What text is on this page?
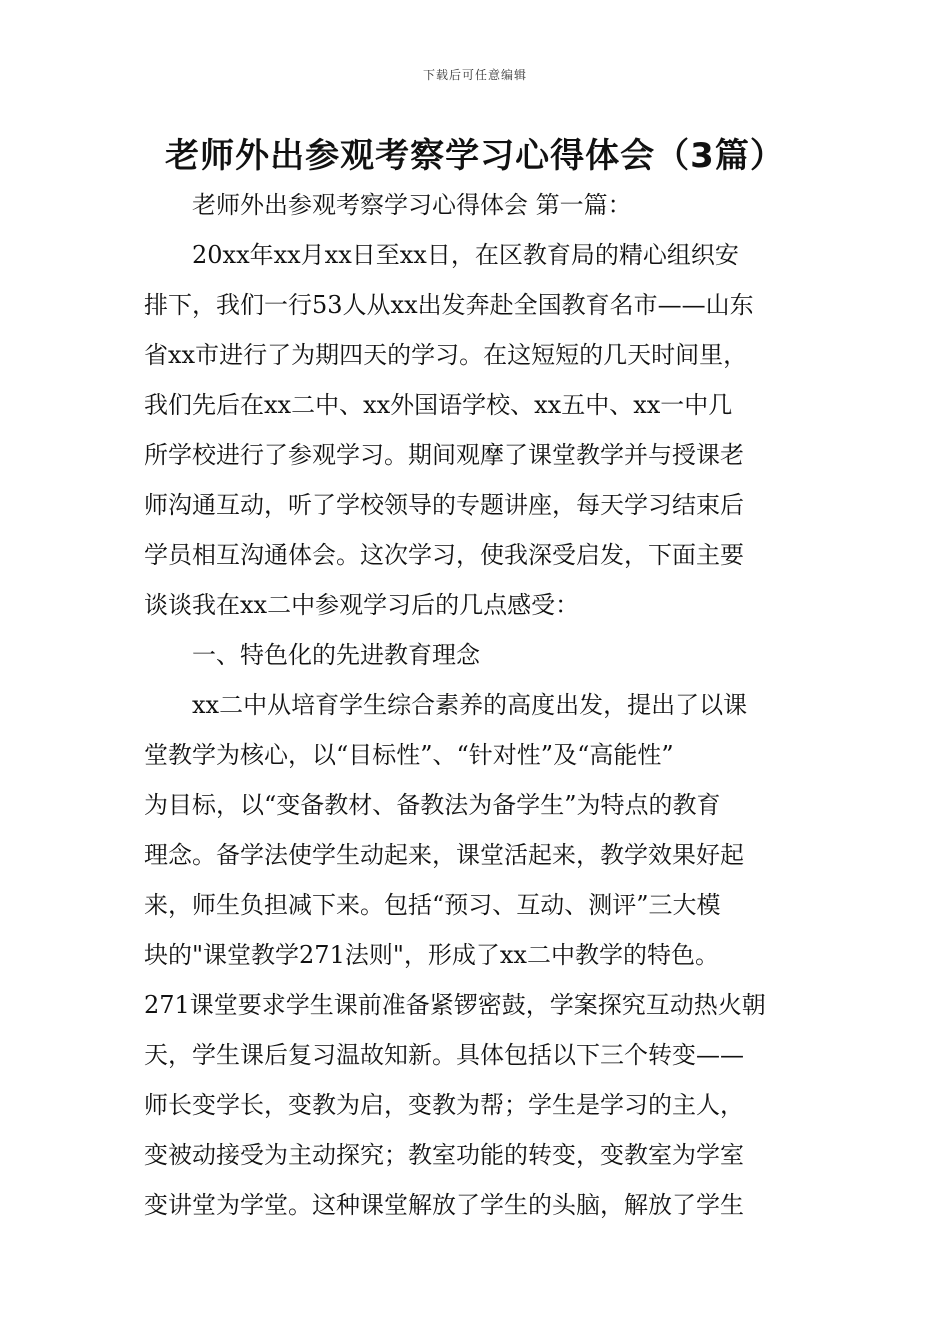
下载后可任意编辑
老师外出参观考察学习心得体会（3篇）

老师外出参观考察学习心得体会 第一篇：

20xx年xx月xx日至xx日，在区教育局的精心组织安

排下，我们一行53人从xx出发奔赴全国教育名市——山东

省xx市进行了为期四天的学习。在这短短的几天时间里，

我们先后在xx二中、xx外国语学校、xx五中、xx一中几

所学校进行了参观学习。期间观摩了课堂教学并与授课老

师沟通互动，听了学校领导的专题讲座，每天学习结束后

学员相互沟通体会。这次学习，使我深受启发，下面主要

谈谈我在xx二中参观学习后的几点感受：

一、特色化的先进教育理念

xx二中从培育学生综合素养的高度出发，提出了以课

堂教学为核心，以“目标性”、“针对性”及“高能性”

为目标，以“变备教材、备教法为备学生”为特点的教育

理念。备学法使学生动起来，课堂活起来，教学效果好起

来，师生负担减下来。包括“预习、互动、测评”三大模

块的"课堂教学271法则"，形成了xx二中教学的特色。

271课堂要求学生课前准备紧锣密鼓，学案探究互动热火朝

天，学生课后复习温故知新。具体包括以下三个转变——

师长变学长，变教为启，变教为帮；学生是学习的主人，

变被动接受为主动探究；教室功能的转变，变教室为学室

变讲堂为学堂。这种课堂解放了学生的头脑，解放了学生
